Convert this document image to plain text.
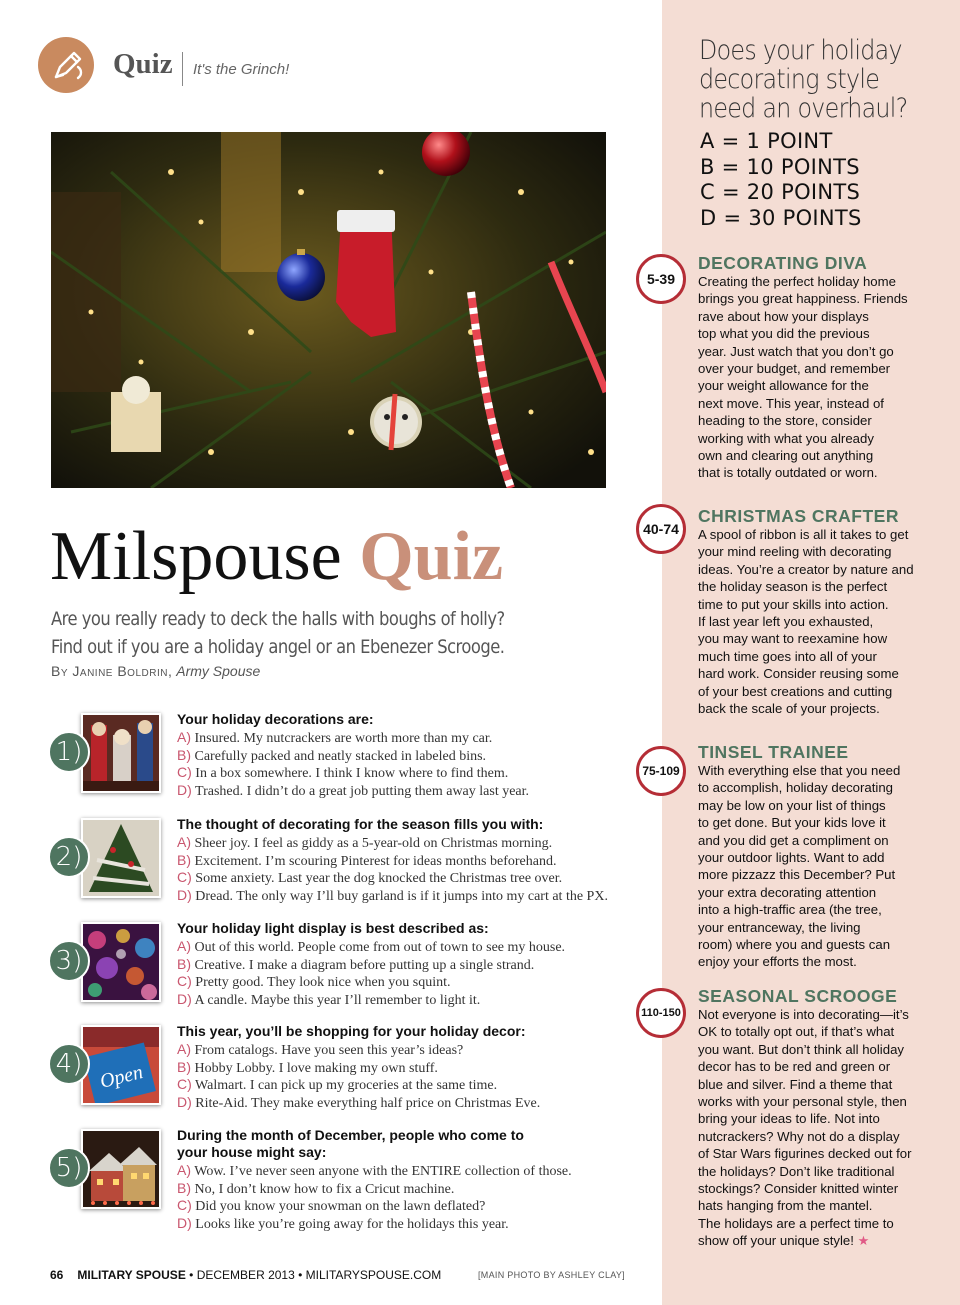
Quiz It's the Grinch!
Milspouse Quiz
Are you really ready to deck the halls with boughs of holly?
Find out if you are a holiday angel or an Ebenezer Scrooge.
By Janine Boldrin, Army Spouse
1)
Your holiday decorations are:
A) Insured. My nutcrackers are worth more than my car.
B) Carefully packed and neatly stacked in labeled bins.
C) In a box somewhere. I think I know where to find them.
D) Trashed. I didn’t do a great job putting them away last year.
2)
The thought of decorating for the season fills you with:
A) Sheer joy. I feel as giddy as a 5-year-old on Christmas morning.
B) Excitement. I’m scouring Pinterest for ideas months beforehand.
C) Some anxiety. Last year the dog knocked the Christmas tree over.
D) Dread. The only way I’ll buy garland is if it jumps into my cart at the PX.
3)
Your holiday light display is best described as:
A) Out of this world. People come from out of town to see my house.
B) Creative. I make a diagram before putting up a single strand.
C) Pretty good. They look nice when you squint.
D) A candle. Maybe this year I’ll remember to light it.
Open
4)
This year, you’ll be shopping for your holiday decor:
A) From catalogs. Have you seen this year’s ideas?
B) Hobby Lobby. I love making my own stuff.
C) Walmart. I can pick up my groceries at the same time.
D) Rite-Aid. They make everything half price on Christmas Eve.
5)
During the month of December, people who come to
your house might say:
A) Wow. I’ve never seen anyone with the ENTIRE collection of those.
B) No, I don’t know how to fix a Cricut machine.
C) Did you know your snowman on the lawn deflated?
D) Looks like you’re going away for the holidays this year.
Does your holiday
decorating style
need an overhaul?
A = 1 POINT
B = 10 POINTS
C = 20 POINTS
D = 30 POINTS
5-39
DECORATING DIVA
Creating the perfect holiday home
brings you great happiness. Friends
rave about how your displays
top what you did the previous
year. Just watch that you don’t go
over your budget, and remember
your weight allowance for the
next move. This year, instead of
heading to the store, consider
working with what you already
own and clearing out anything
that is totally outdated or worn.
40-74
CHRISTMAS CRAFTER
A spool of ribbon is all it takes to get
your mind reeling with decorating
ideas. You’re a creator by nature and
the holiday season is the perfect
time to put your skills into action.
If last year left you exhausted,
you may want to reexamine how
much time goes into all of your
hard work. Consider reusing some
of your best creations and cutting
back the scale of your projects.
75-109
TINSEL TRAINEE
With everything else that you need
to accomplish, holiday decorating
may be low on your list of things
to get done. But your kids love it
and you did get a compliment on
your outdoor lights. Want to add
more pizzazz this December? Put
your extra decorating attention
into a high-traffic area (the tree,
your entranceway, the living
room) where you and guests can
enjoy your efforts the most.
110-150
SEASONAL SCROOGE
Not everyone is into decorating—it’s
OK to totally opt out, if that’s what
you want. But don’t think all holiday
decor has to be red and green or
blue and silver. Find a theme that
works with your personal style, then
bring your ideas to life. Not into
nutcrackers? Why not do a display
of Star Wars figurines decked out for
the holidays? Don’t like traditional
stockings? Consider knitted winter
hats hanging from the mantel.
The holidays are a perfect time to
show off your unique style! ★
66 MILITARY SPOUSE • DECEMBER 2013 • MILITARYSPOUSE.COM	[MAIN PHOTO BY ASHLEY CLAY]
